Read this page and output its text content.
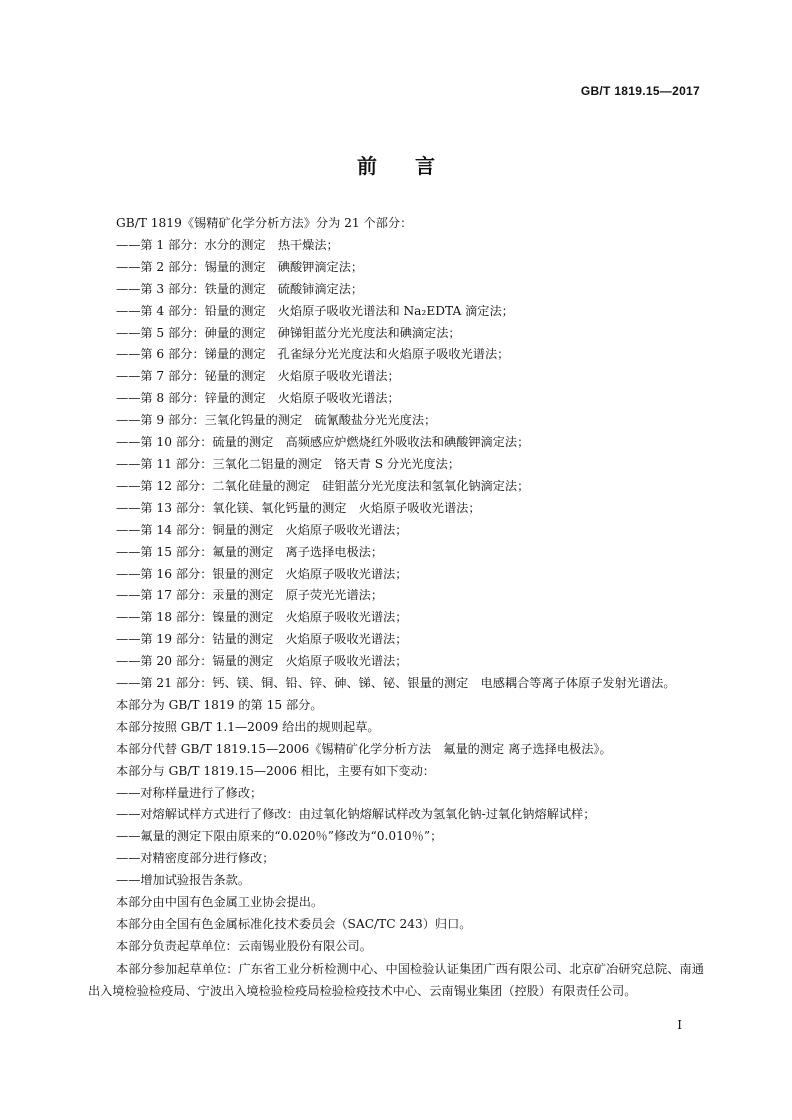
GB/T 1819.15—2017
前言
GB/T 1819《锡精矿化学分析方法》分为 21 个部分：
——第 1 部分：水分的测定　热干燥法；
——第 2 部分：锡量的测定　碘酸钾滴定法；
——第 3 部分：铁量的测定　硫酸铈滴定法；
——第 4 部分：铅量的测定　火焰原子吸收光谱法和 Na₂EDTA 滴定法；
——第 5 部分：砷量的测定　砷锑钼蓝分光光度法和碘滴定法；
——第 6 部分：锑量的测定　孔雀绿分光光度法和火焰原子吸收光谱法；
——第 7 部分：铋量的测定　火焰原子吸收光谱法；
——第 8 部分：锌量的测定　火焰原子吸收光谱法；
——第 9 部分：三氧化钨量的测定　硫氰酸盐分光光度法；
——第 10 部分：硫量的测定　高频感应炉燃烧红外吸收法和碘酸钾滴定法；
——第 11 部分：三氧化二铝量的测定　铬天青 S 分光光度法；
——第 12 部分：二氧化硅量的测定　硅钼蓝分光光度法和氢氧化钠滴定法；
——第 13 部分：氧化镁、氧化钙量的测定　火焰原子吸收光谱法；
——第 14 部分：铜量的测定　火焰原子吸收光谱法；
——第 15 部分：氟量的测定　离子选择电极法；
——第 16 部分：银量的测定　火焰原子吸收光谱法；
——第 17 部分：汞量的测定　原子荧光光谱法；
——第 18 部分：镍量的测定　火焰原子吸收光谱法；
——第 19 部分：钴量的测定　火焰原子吸收光谱法；
——第 20 部分：镉量的测定　火焰原子吸收光谱法；
——第 21 部分：钙、镁、铜、铅、锌、砷、锑、铋、银量的测定　电感耦合等离子体原子发射光谱法。
本部分为 GB/T 1819 的第 15 部分。
本部分按照 GB/T 1.1—2009 给出的规则起草。
本部分代替 GB/T 1819.15—2006《锡精矿化学分析方法　氟量的测定 离子选择电极法》。
本部分与 GB/T 1819.15—2006 相比，主要有如下变动：
——对称样量进行了修改；
——对熔解试样方式进行了修改：由过氧化钠熔解试样改为氢氧化钠-过氧化钠熔解试样；
——氟量的测定下限由原来的“0.020％”修改为“0.010％”；
——对精密度部分进行修改；
——增加试验报告条款。
本部分由中国有色金属工业协会提出。
本部分由全国有色金属标准化技术委员会（SAC/TC 243）归口。
本部分负责起草单位：云南锡业股份有限公司。
本部分参加起草单位：广东省工业分析检测中心、中国检验认证集团广西有限公司、北京矿冶研究总院、南通出入境检验检疫局、宁波出入境检验检疫局检验检疫技术中心、云南锡业集团（控股）有限责任公司。
I
